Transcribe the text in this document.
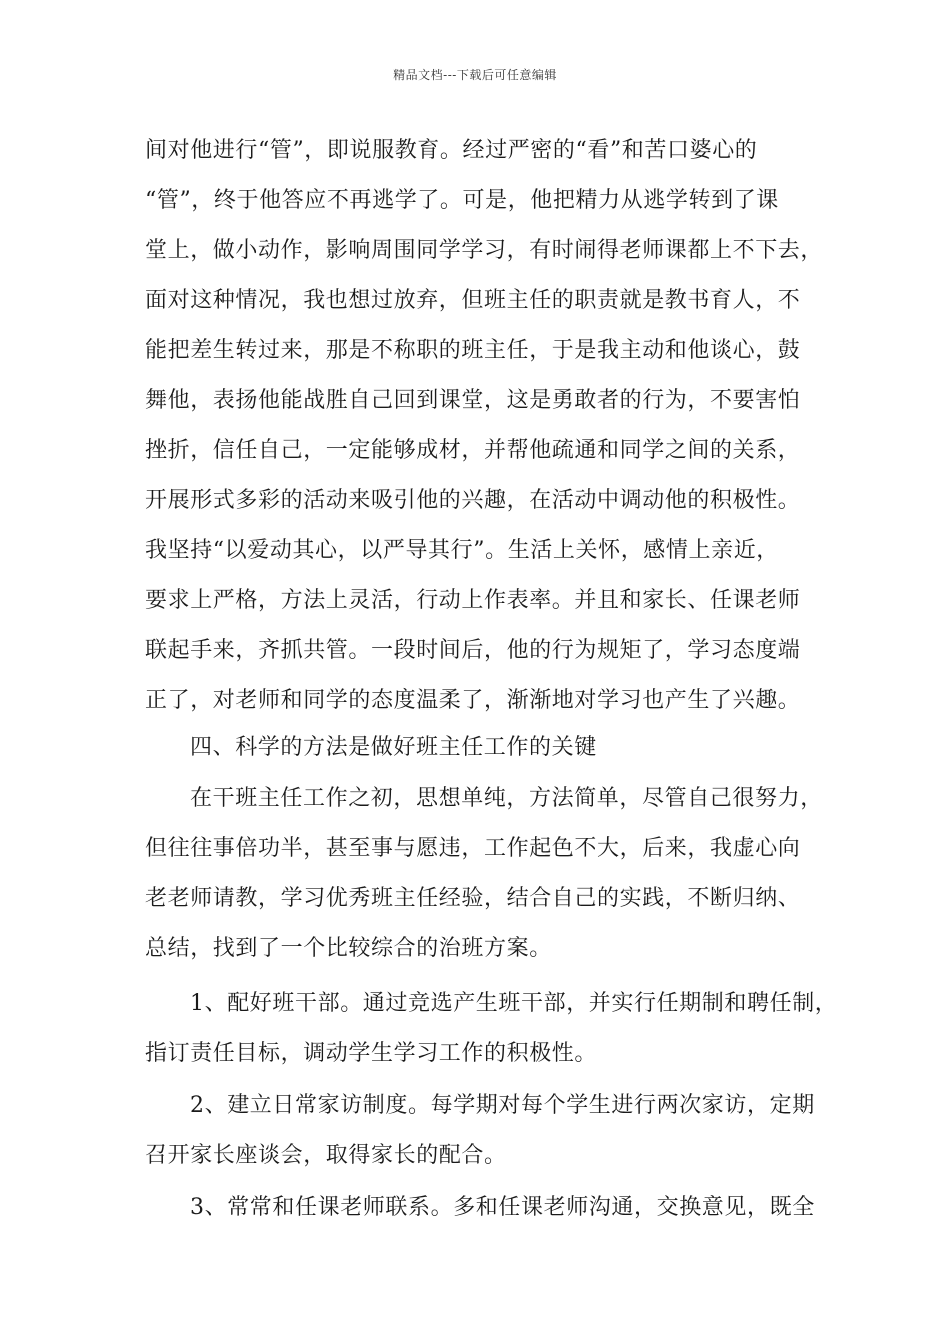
精品文档---下载后可任意编辑
间对他进行“管”，即说服教育。经过严密的“看”和苦口婆心的
“管”，终于他答应不再逃学了。可是，他把精力从逃学转到了课
堂上，做小动作，影响周围同学学习，有时闹得老师课都上不下去，
面对这种情况，我也想过放弃，但班主任的职责就是教书育人，不
能把差生转过来，那是不称职的班主任，于是我主动和他谈心，鼓
舞他，表扬他能战胜自己回到课堂，这是勇敢者的行为，不要害怕
挫折，信任自己，一定能够成材，并帮他疏通和同学之间的关系，
开展形式多彩的活动来吸引他的兴趣，在活动中调动他的积极性。
我坚持“以爱动其心，以严导其行”。生活上关怀，感情上亲近，
要求上严格，方法上灵活，行动上作表率。并且和家长、任课老师
联起手来，齐抓共管。一段时间后，他的行为规矩了，学习态度端
正了，对老师和同学的态度温柔了，渐渐地对学习也产生了兴趣。
四、科学的方法是做好班主任工作的关键
在干班主任工作之初，思想单纯，方法简单，尽管自己很努力，
但往往事倍功半，甚至事与愿违，工作起色不大，后来，我虚心向
老老师请教，学习优秀班主任经验，结合自己的实践，不断归纳、
总结，找到了一个比较综合的治班方案。
1、配好班干部。通过竞选产生班干部，并实行任期制和聘任制，
指订责任目标，调动学生学习工作的积极性。
2、建立日常家访制度。每学期对每个学生进行两次家访，定期
召开家长座谈会，取得家长的配合。
3、常常和任课老师联系。多和任课老师沟通，交换意见，既全
